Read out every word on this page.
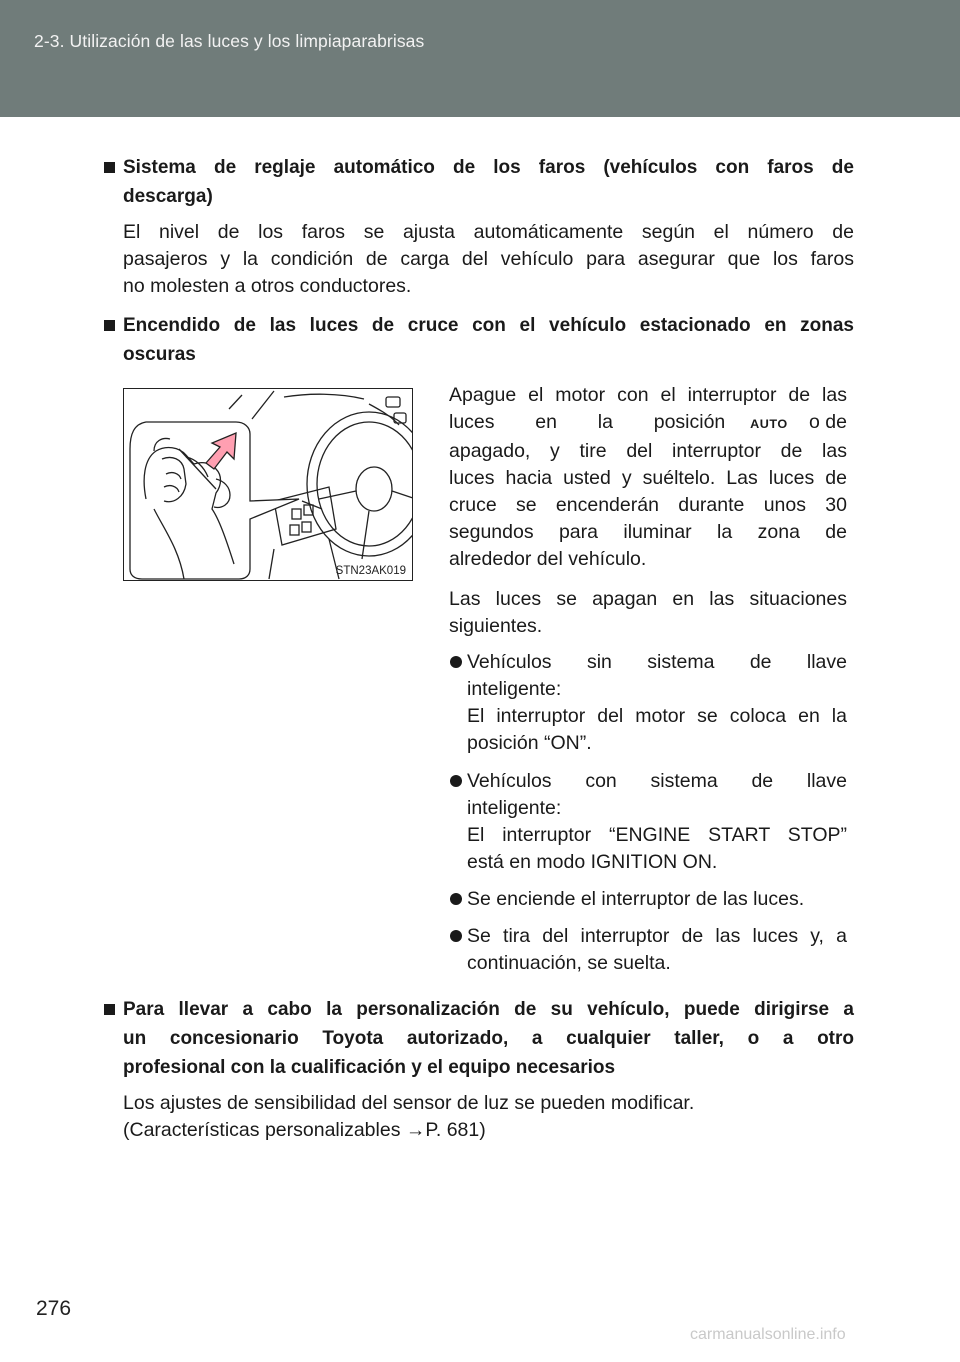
2-3. Utilización de las luces y los limpiaparabrisas
Sistema de reglaje automático de los faros (vehículos con faros de
descarga)
El nivel de los faros se ajusta automáticamente según el número de
pasajeros y la condición de carga del vehículo para asegurar que los faros
no molesten a otros conductores.
Encendido de las luces de cruce con el vehículo estacionado en zonas
oscuras
STN23AK019
Apague el motor con el interruptor de las
luces en la posición AUTO o de
apagado, y tire del interruptor de las
luces hacia usted y suéltelo. Las luces de
cruce se encenderán durante unos 30
segundos para iluminar la zona de
alrededor del vehículo.
Las luces se apagan en las situaciones
siguientes.
Vehículos sin sistema de llave
inteligente:
El interruptor del motor se coloca en la
posición “ON”.
Vehículos con sistema de llave
inteligente:
El interruptor “ENGINE START STOP”
está en modo IGNITION ON.
Se enciende el interruptor de las luces.
Se tira del interruptor de las luces y, a
continuación, se suelta.
Para llevar a cabo la personalización de su vehículo, puede dirigirse a
un concesionario Toyota autorizado, a cualquier taller, o a otro
profesional con la cualificación y el equipo necesarios
Los ajustes de sensibilidad del sensor de luz se pueden modificar.
(Características personalizables →P. 681)
276
carmanualsonline.info
